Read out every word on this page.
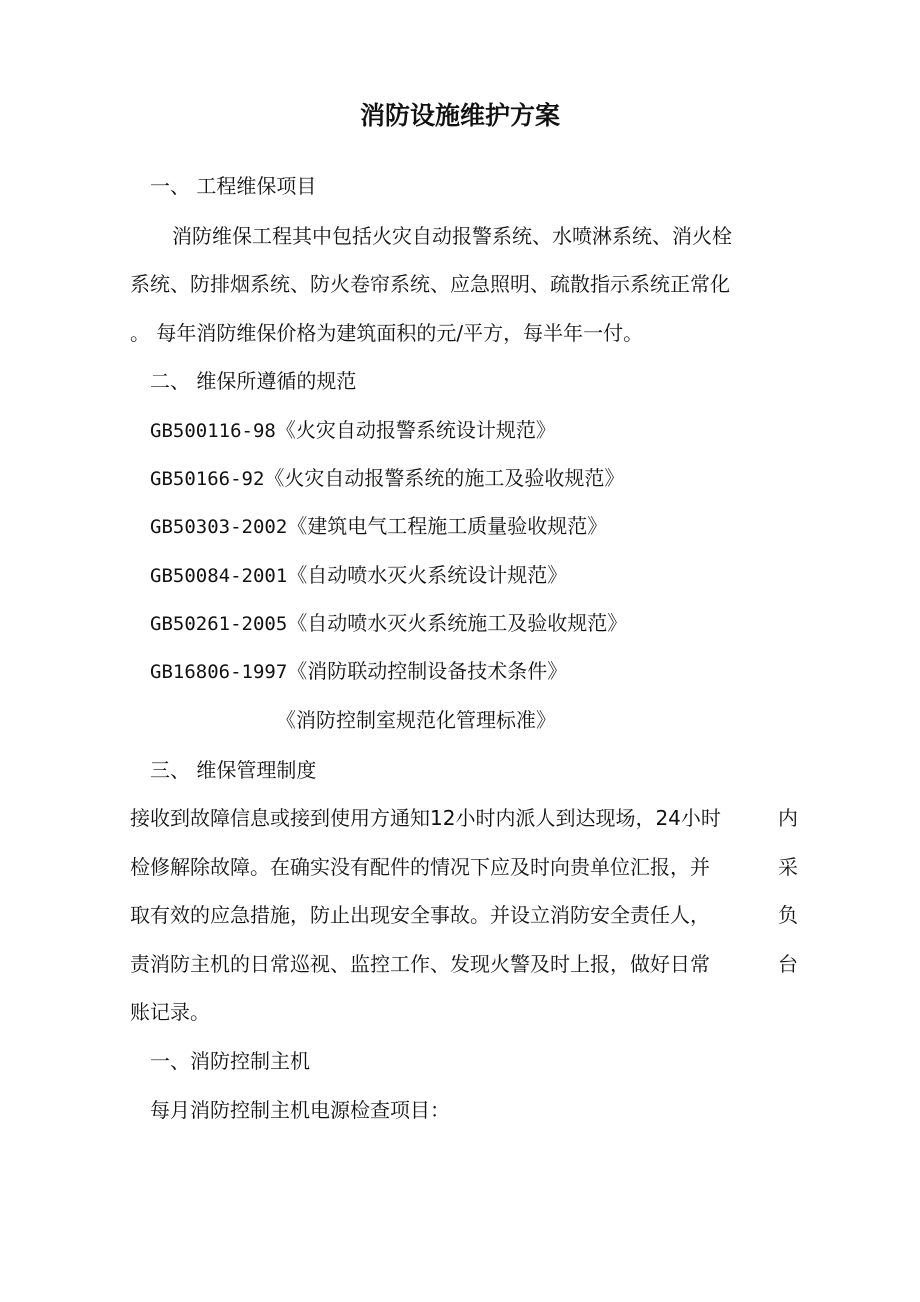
消防设施维护方案
一、 工程维保项目
消防维保工程其中包括火灾自动报警系统、水喷淋系统、消火栓
系统、防排烟系统、防火卷帘系统、应急照明、疏散指示系统正常化
。 每年消防维保价格为建筑面积的元/平方，每半年一付。
二、 维保所遵循的规范
GB500116-98《火灾自动报警系统设计规范》
GB50166-92《火灾自动报警系统的施工及验收规范》
GB50303-2002《建筑电气工程施工质量验收规范》
GB50084-2001《自动喷水灭火系统设计规范》
GB50261-2005《自动喷水灭火系统施工及验收规范》
GB16806-1997《消防联动控制设备技术条件》
《消防控制室规范化管理标准》
三、 维保管理制度
接收到故障信息或接到使用方通知12小时内派人到达现场，24小时	内
检修解除故障。在确实没有配件的情况下应及时向贵单位汇报，并	采
取有效的应急措施，防止出现安全事故。并设立消防安全责任人，	负
责消防主机的日常巡视、监控工作、发现火警及时上报，做好日常	台
账记录。
一、消防控制主机
每月消防控制主机电源检查项目：
